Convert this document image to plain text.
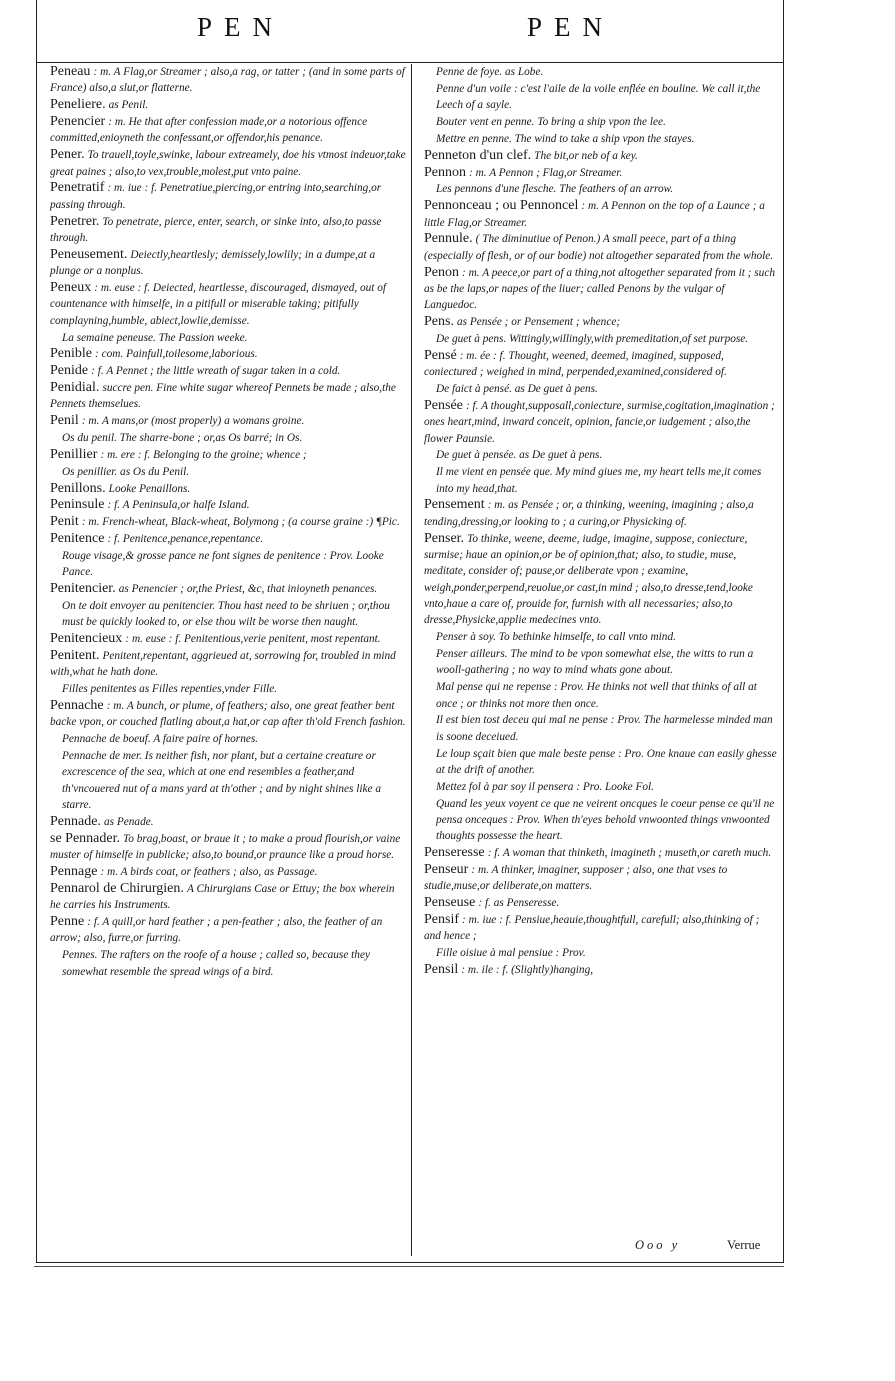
PEN	PEN
Peneau : m. A Flag,or Streamer ; also,a rag, or tatter ; (and in some parts of France) also,a slut,or flatterne.
Peneliere. as Penil.
Penencier : m. He that after confession made,or a notorious offence committed,enioyneth the confessant,or offendor,his penance.
Pener. To trauell,toyle,swinke, labour extreamely, doe his vtmost indeuor,take great paines ; also,to vex,trouble,molest,put vnto paine.
Penetratif : m. iue : f. Penetratiue,piercing,or entring into,searching,or passing through.
Penetrer. To penetrate, pierce, enter, search, or sinke into, also,to passe through.
Peneusement. Deiectly,heartlesly; demissely,lowlily; in a dumpe,at a plunge or a nonplus.
Peneux : m. euse : f. Deiected, heartlesse, discouraged, dismayed, out of countenance with himselfe, in a pitifull or miserable taking; pitifully complayning,humble, abiect,lowlie,demisse.
La semaine peneuse. The Passion weeke.
Penible : com. Painfull,toilesome,laborious.
Penide : f. A Pennet ; the little wreath of sugar taken in a cold.
Penidial. succre pen. Fine white sugar whereof Pennets be made ; also,the Pennets themselues.
Penil : m. A mans,or (most properly) a womans groine.
Os du penil. The sharre-bone ; or,as Os barré; in Os.
Penillier : m. ere : f. Belonging to the groine; whence ;
Os penillier. as Os du Penil.
Penillons. Looke Penaillons.
Peninsule : f. A Peninsula,or halfe Island.
Penit : m. French-wheat, Black-wheat, Bolymong ; (a course graine :) ¶Pic.
Penitence : f. Penitence,penance,repentance.
Rouge visage,& grosse pance ne font signes de penitence : Prov. Looke Pance.
Penitencier. as Penencier ; or,the Priest, &c, that inioyneth penances.
On te doit envoyer au penitencier. Thou hast need to be shriuen ; or,thou must be quickly looked to, or else thou wilt be worse then naught.
Penitencieux : m. euse : f. Penitentious,verie penitent, most repentant.
Penitent. Penitent,repentant, aggrieued at, sorrowing for, troubled in mind with,what he hath done.
Filles penitentes as Filles repenties,vnder Fille.
Pennache : m. A bunch, or plume, of feathers; also, one great feather bent backe vpon, or couched flatling about,a hat,or cap after th'old French fashion.
Pennache de boeuf. A faire paire of hornes.
Pennache de mer. Is neither fish, nor plant, but a certaine creature or excrescence of the sea, which at one end resembles a feather,and th'vncouered nut of a mans yard at th'other ; and by night shines like a starre.
Pennade. as Penade.
se Pennader. To brag,boast, or braue it ; to make a proud flourish,or vaine muster of himselfe in publicke; also,to bound,or praunce like a proud horse.
Pennage : m. A birds coat, or feathers ; also, as Passage.
Pennarol de Chirurgien. A Chirurgians Case or Ettuy; the box wherein he carries his Instruments.
Penne : f. A quill,or hard feather ; a pen-feather ; also, the feather of an arrow; also, furre,or furring.
Pennes. The rafters on the roofe of a house ; called so, because they somewhat resemble the spread wings of a bird.
Penne de foye. as Lobe.
Penne d'un voile : c'est l'aile de la voile enflée en bouline. We call it,the Leech of a sayle.
Bouter vent en penne. To bring a ship vpon the lee.
Mettre en penne. The wind to take a ship vpon the stayes.
Penneton d'un clef. The bit,or neb of a key.
Pennon : m. A Pennon ; Flag,or Streamer.
Les pennons d'une flesche. The feathers of an arrow.
Pennonceau ; ou Pennoncel : m. A Pennon on the top of a Launce ; a little Flag,or Streamer.
Pennule. ( The diminutiue of Penon.) A small peece, part of a thing (especially of flesh, or of our bodie) not altogether separated from the whole.
Penon : m. A peece,or part of a thing,not altogether separated from it ; such as be the laps,or napes of the liuer; called Penons by the vulgar of Languedoc.
Pens. as Pensée ; or Pensement ; whence;
De guet à pens. Wittingly,willingly,with premeditation,of set purpose.
Pensé : m. ée : f. Thought, weened, deemed, imagined, supposed, coniectured ; weighed in mind, perpended,examined,considered of.
De faict à pensé. as De guet à pens.
Pensée : f. A thought,supposall,coniecture, surmise,cogitation,imagination ; ones heart,mind, inward conceit, opinion, fancie,or iudgement ; also,the flower Paunsie.
De guet à pensée. as De guet à pens.
Il me vient en pensée que. My mind giues me, my heart tells me,it comes into my head,that.
Pensement : m. as Pensée ; or, a thinking, weening, imagining ; also,a tending,dressing,or looking to ; a curing,or Physicking of.
Penser. To thinke, weene, deeme, iudge, imagine, suppose, coniecture, surmise; haue an opinion,or be of opinion,that; also, to studie, muse, meditate, consider of; pause,or deliberate vpon ; examine, weigh,ponder,perpend,reuolue,or cast,in mind ; also,to dresse,tend,looke vnto,haue a care of, prouide for, furnish with all necessaries; also,to dresse,Physicke,applie medecines vnto.
Penser à soy. To bethinke himselfe, to call vnto mind.
Penser ailleurs. The mind to be vpon somewhat else, the witts to run a wooll-gathering ; no way to mind whats gone about.
Mal pense qui ne repense : Prov. He thinks not well that thinks of all at once ; or thinks not more then once.
Il est bien tost deceu qui mal ne pense : Prov. The harmelesse minded man is soone deceiued.
Le loup sçait bien que male beste pense : Pro. One knaue can easily ghesse at the drift of another.
Mettez fol à par soy il pensera : Pro. Looke Fol.
Quand les yeux voyent ce que ne veirent oncques le coeur pense ce qu'il ne pensa onceques : Prov. When th'eyes behold vnwoonted things vnwoonted thoughts possesse the heart.
Penseresse : f. A woman that thinketh, imagineth ; museth,or careth much.
Penseur : m. A thinker, imaginer, supposer ; also, one that vses to studie,muse,or deliberate,on matters.
Penseuse : f. as Penseresse.
Pensif : m. iue : f. Pensiue,heauie,thoughtfull, carefull; also,thinking of ; and hence ;
Fille oisiue à mal pensiue : Prov.
Pensil : m. ile : f. (Slightly)hanging,
Ooo y	Verrue
